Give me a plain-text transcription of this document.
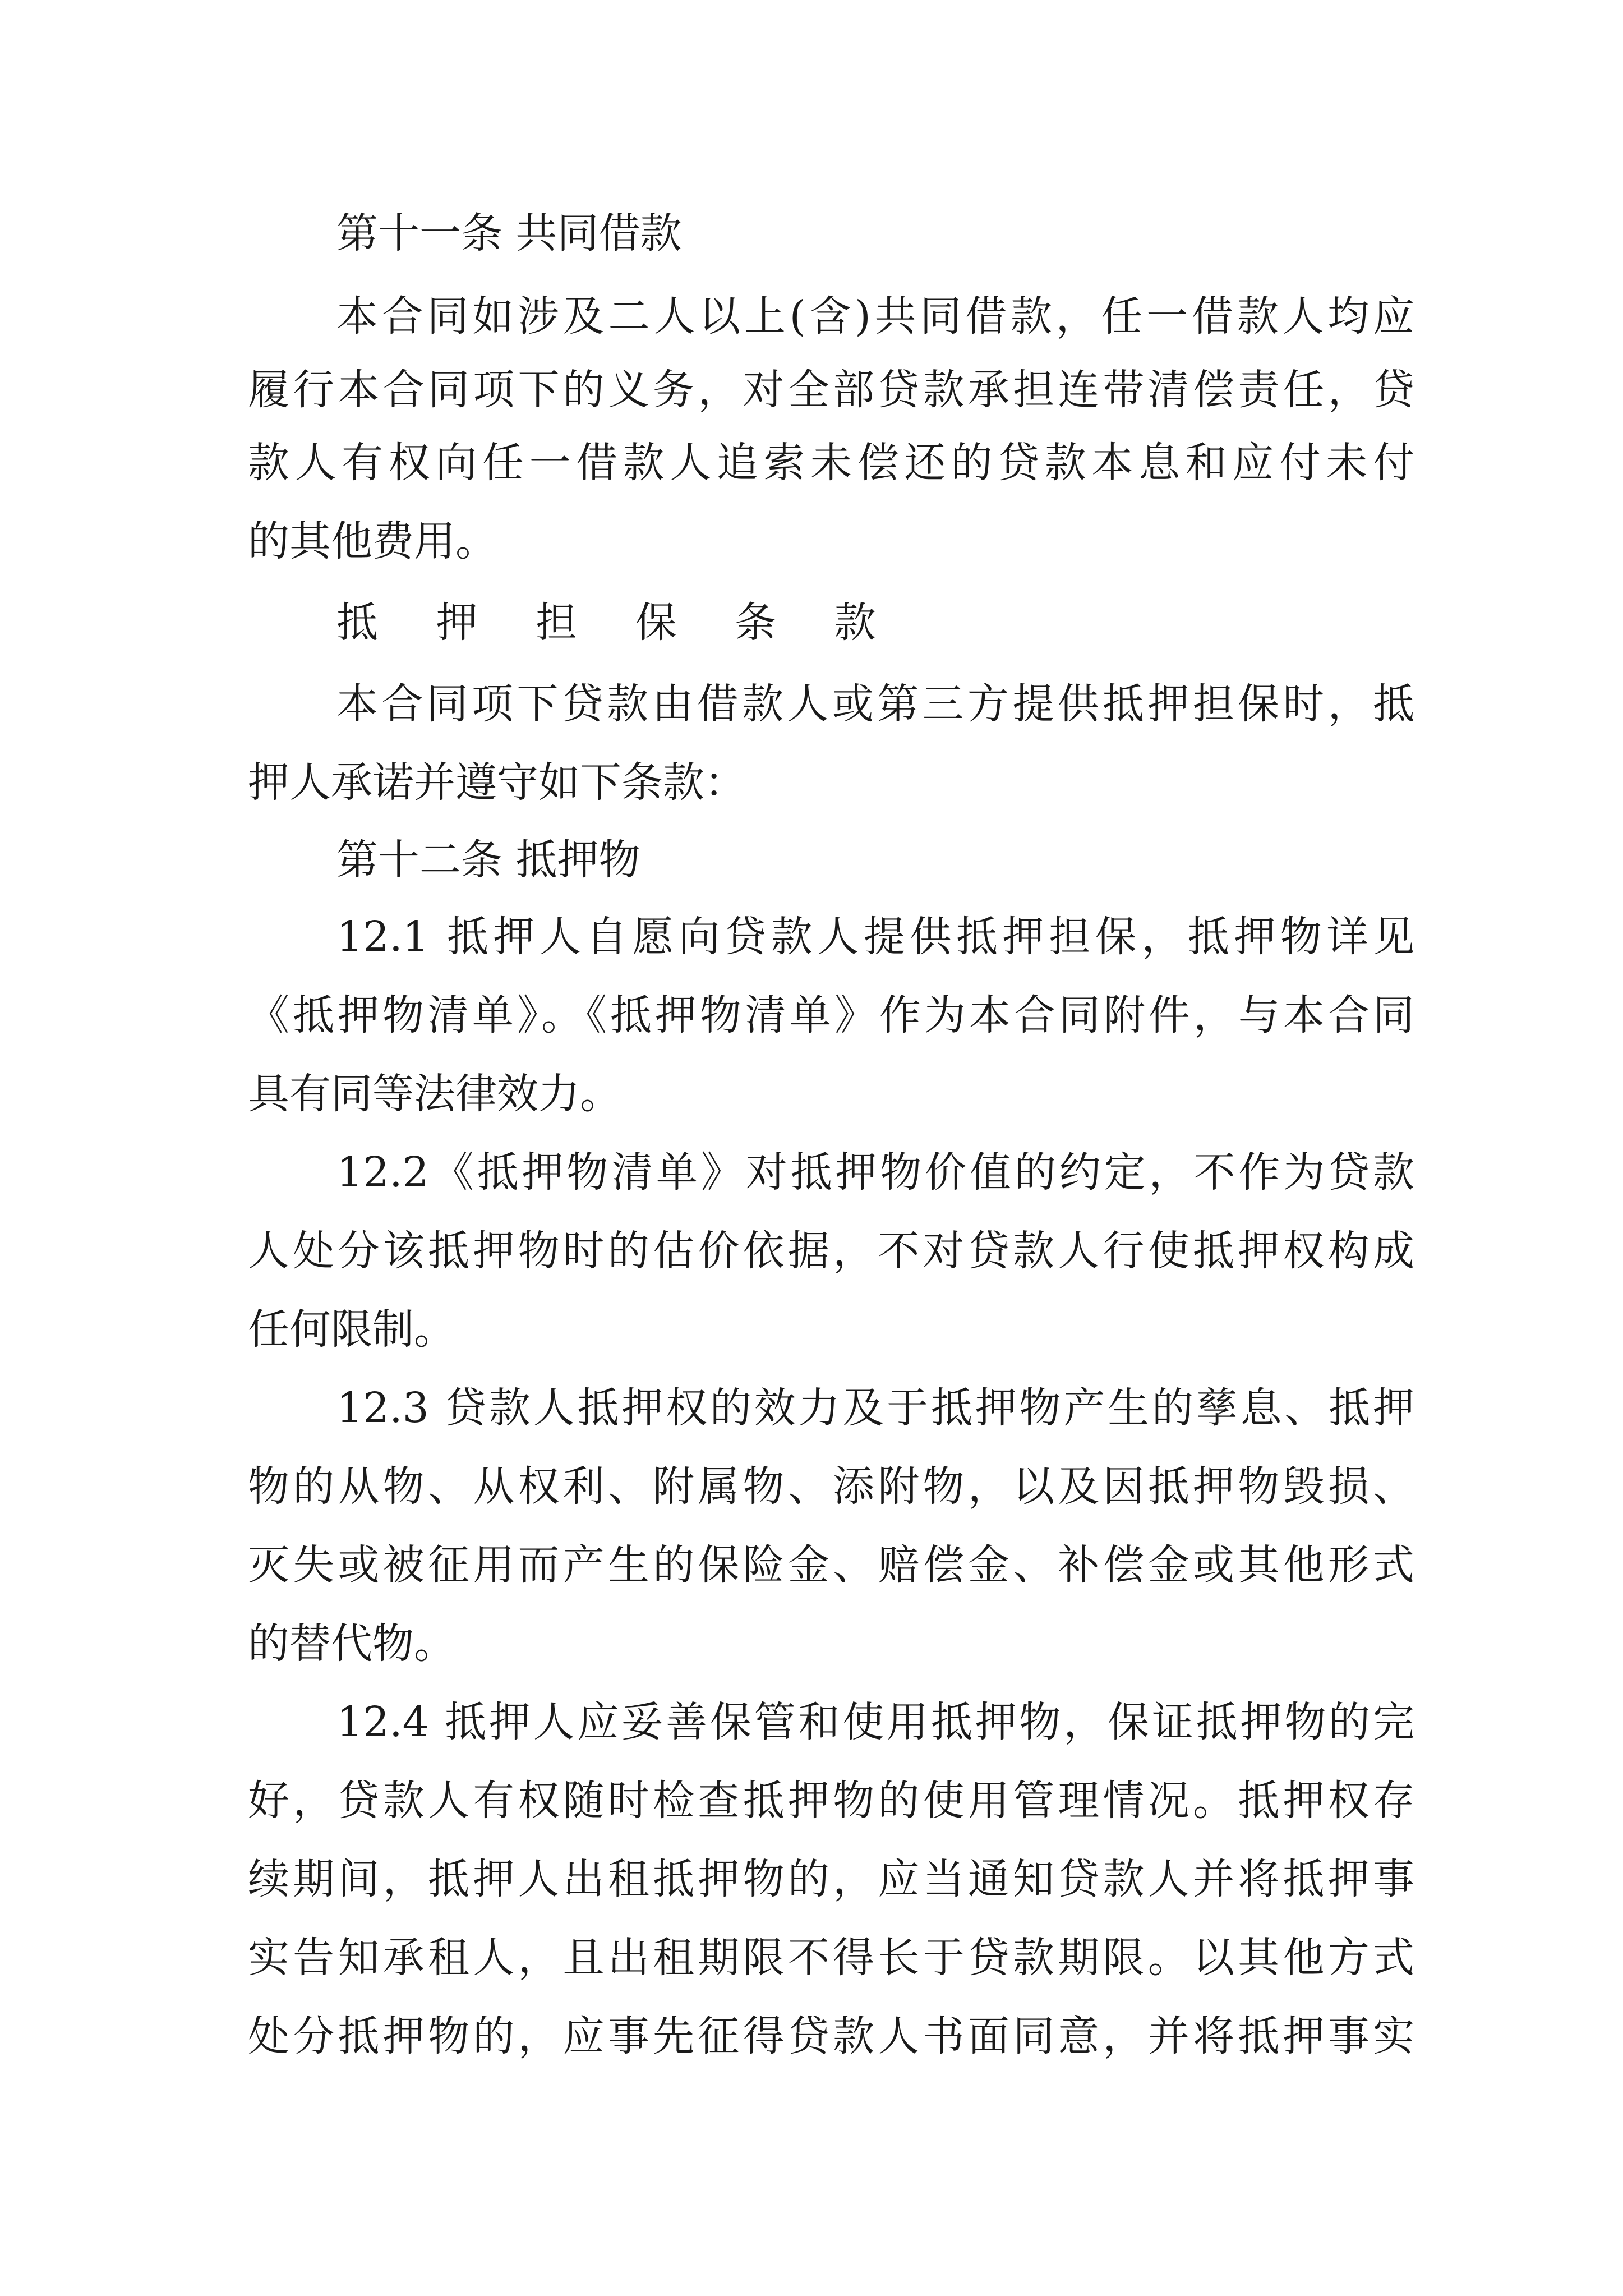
第十一条 共同借款
本合同如涉及二人以上(含)共同借款，任一借款人均应
履行本合同项下的义务，对全部贷款承担连带清偿责任，贷
款人有权向任一借款人追索未偿还的贷款本息和应付未付
的其他费用。
抵 押 担 保 条 款
本合同项下贷款由借款人或第三方提供抵押担保时，抵
押人承诺并遵守如下条款：
第十二条 抵押物
12.1 抵押人自愿向贷款人提供抵押担保，抵押物详见
《抵押物清单》。《抵押物清单》作为本合同附件，与本合同
具有同等法律效力。
12.2《抵押物清单》对抵押物价值的约定，不作为贷款
人处分该抵押物时的估价依据，不对贷款人行使抵押权构成
任何限制。
12.3 贷款人抵押权的效力及于抵押物产生的孳息、抵押
物的从物、从权利、附属物、添附物，以及因抵押物毁损、
灭失或被征用而产生的保险金、赔偿金、补偿金或其他形式
的替代物。
12.4 抵押人应妥善保管和使用抵押物，保证抵押物的完
好，贷款人有权随时检查抵押物的使用管理情况。抵押权存
续期间，抵押人出租抵押物的，应当通知贷款人并将抵押事
实告知承租人，且出租期限不得长于贷款期限。以其他方式
处分抵押物的，应事先征得贷款人书面同意，并将抵押事实
